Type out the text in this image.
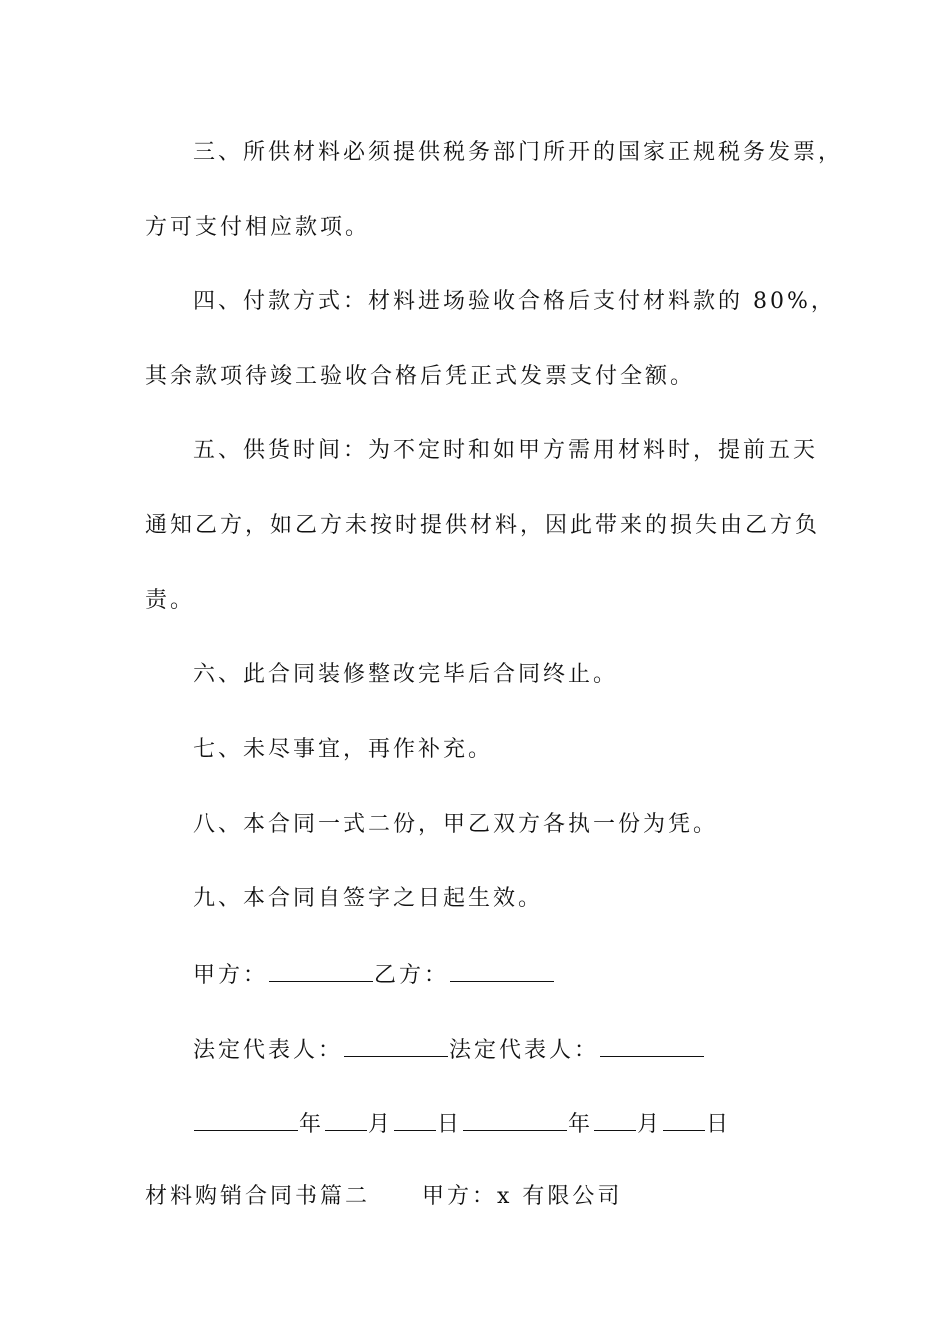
三、所供材料必须提供税务部门所开的国家正规税务发票，
方可支付相应款项。
四、付款方式：材料进场验收合格后支付材料款的 80%，
其余款项待竣工验收合格后凭正式发票支付全额。
五、供货时间：为不定时和如甲方需用材料时，提前五天
通知乙方，如乙方未按时提供材料，因此带来的损失由乙方负
责。
六、此合同装修整改完毕后合同终止。
七、未尽事宜，再作补充。
八、本合同一式二份，甲乙双方各执一份为凭。
九、本合同自签字之日起生效。
甲方：	乙方：
法定代表人：	法定代表人：
年 月 日	年 月 日
材料购销合同书篇二 甲方：x 有限公司
